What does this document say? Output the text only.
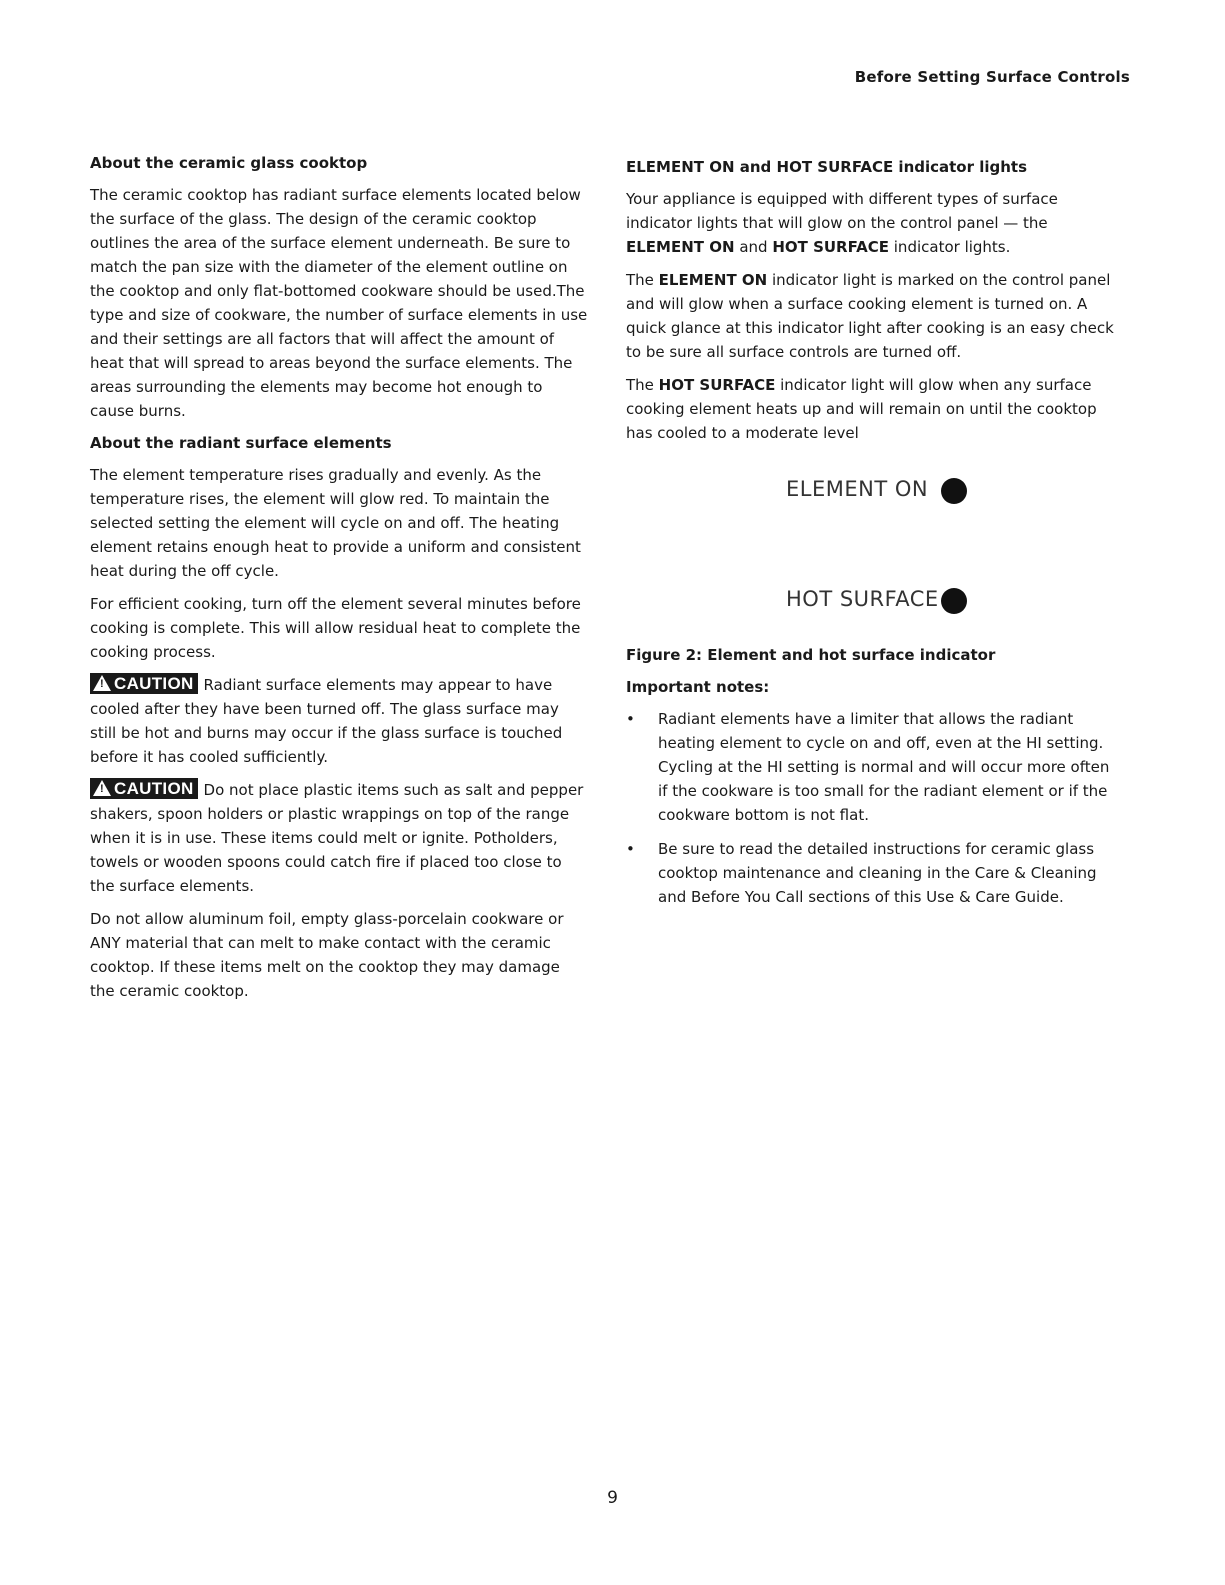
Before Setting Surface Controls
About the ceramic glass cooktop

The ceramic cooktop has radiant surface elements located below the surface of the glass. The design of the ceramic cooktop outlines the area of the surface element underneath. Be sure to match the pan size with the diameter of the element outline on the cooktop and only flat-bottomed cookware should be used.The type and size of cookware, the number of surface elements in use and their settings are all factors that will affect the amount of heat that will spread to areas beyond the surface elements. The areas surrounding the elements may become hot enough to cause burns.

About the radiant surface elements

The element temperature rises gradually and evenly. As the temperature rises, the element will glow red. To maintain the selected setting the element will cycle on and off. The heating element retains enough heat to provide a uniform and consistent heat during the off cycle.

For efficient cooking, turn off the element several minutes before cooking is complete. This will allow residual heat to complete the cooking process.

! CAUTION Radiant surface elements may appear to have cooled after they have been turned off. The glass surface may still be hot and burns may occur if the glass surface is touched before it has cooled sufficiently.

! CAUTION Do not place plastic items such as salt and pepper shakers, spoon holders or plastic wrappings on top of the range when it is in use. These items could melt or ignite. Potholders, towels or wooden spoons could catch fire if placed too close to the surface elements.

Do not allow aluminum foil, empty glass-porcelain cookware or ANY material that can melt to make contact with the ceramic cooktop. If these items melt on the cooktop they may damage the ceramic cooktop.

ELEMENT ON and HOT SURFACE indicator lights

Your appliance is equipped with different types of surface indicator lights that will glow on the control panel — the ELEMENT ON and HOT SURFACE indicator lights.

The ELEMENT ON indicator light is marked on the control panel and will glow when a surface cooking element is turned on. A quick glance at this indicator light after cooking is an easy check to be sure all surface controls are turned off.

The HOT SURFACE indicator light will glow when any surface cooking element heats up and will remain on until the cooktop has cooled to a moderate level

ELEMENT ON
HOT SURFACE

Figure 2: Element and hot surface indicator

Important notes:
• Radiant elements have a limiter that allows the radiant heating element to cycle on and off, even at the HI setting. Cycling at the HI setting is normal and will occur more often if the cookware is too small for the radiant element or if the cookware bottom is not flat.
• Be sure to read the detailed instructions for ceramic glass cooktop maintenance and cleaning in the Care & Cleaning and Before You Call sections of this Use & Care Guide.
9
